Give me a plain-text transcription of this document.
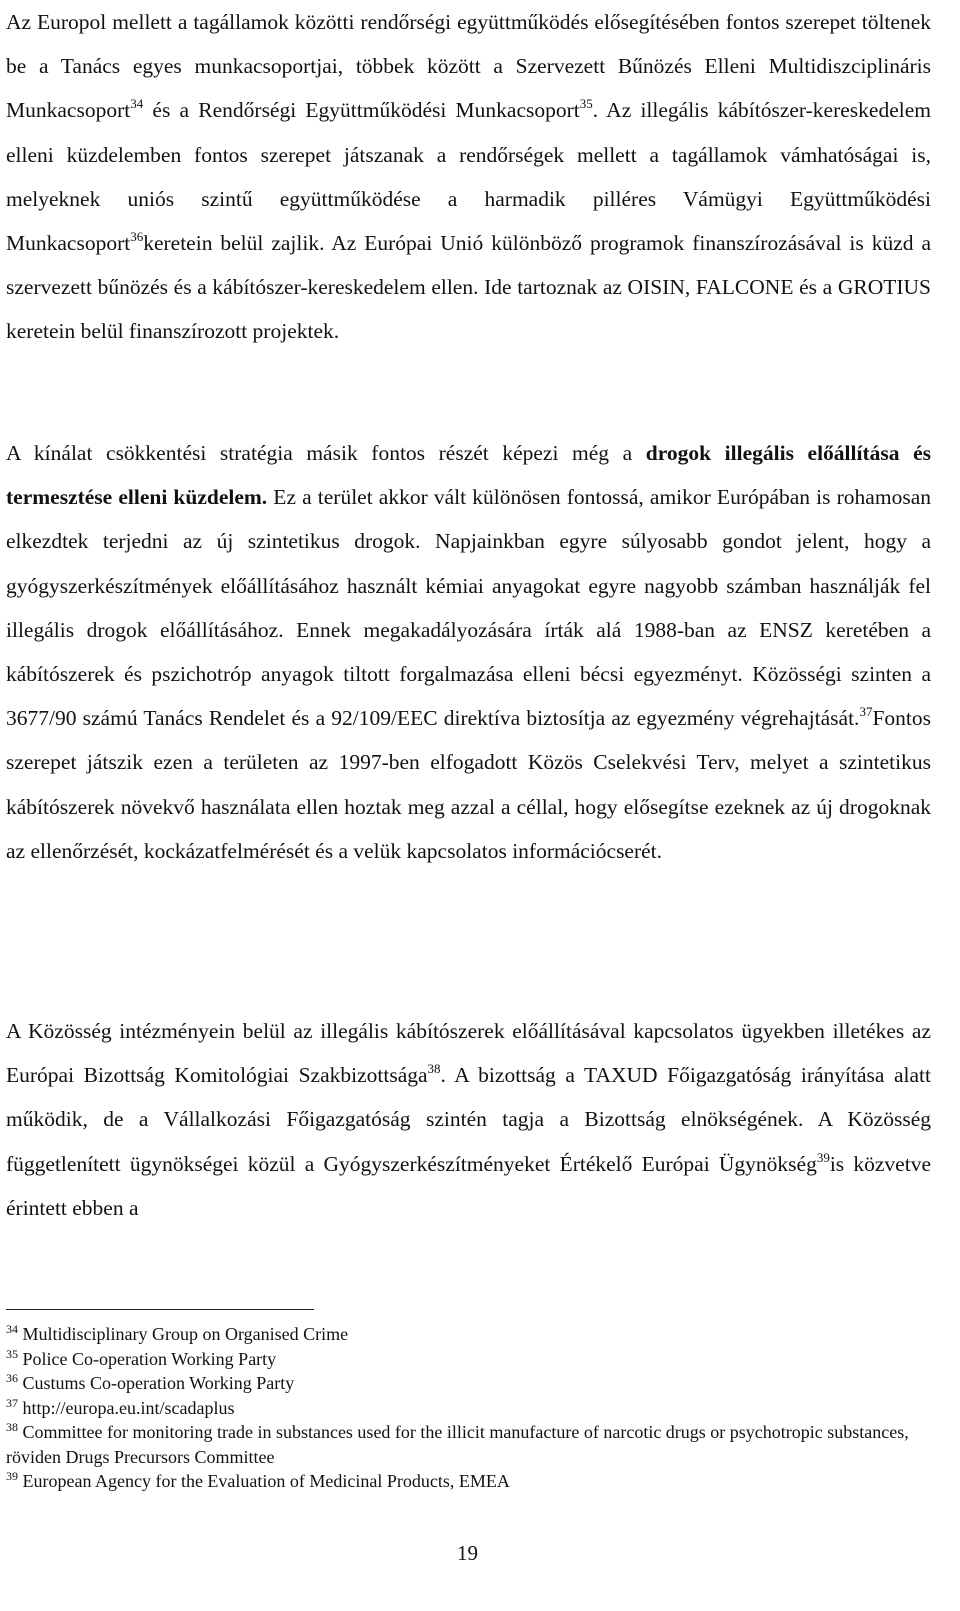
Az Europol mellett a tagállamok közötti rendőrségi együttműködés elősegítésében fontos szerepet töltenek be a Tanács egyes munkacsoportjai, többek között a Szervezett Bűnözés Elleni Multidiszciplináris Munkacsoport$^{34}$ és a Rendőrségi Együttműködési Munkacsoport$^{35}$. Az illegális kábítószer-kereskedelem elleni küzdelemben fontos szerepet játszanak a rendőrségek mellett a tagállamok vámhatóságai is, melyeknek uniós szintű együttműködése a harmadik pilléres Vámügyi Együttműködési Munkacsoport$^{36}$keretein belül zajlik. Az Európai Unió különböző programok finanszírozásával is küzd a szervezett bűnözés és a kábítószer-kereskedelem ellen. Ide tartoznak az OISIN, FALCONE és a GROTIUS keretein belül finanszírozott projektek.

A kínálat csökkentési stratégia másik fontos részét képezi még a drogok illegális előállítása és termesztése elleni küzdelem. Ez a terület akkor vált különösen fontossá, amikor Európában is rohamosan elkezdtek terjedni az új szintetikus drogok. Napjainkban egyre súlyosabb gondot jelent, hogy a gyógyszerkészítmények előállításához használt kémiai anyagokat egyre nagyobb számban használják fel illegális drogok előállításához. Ennek megakadályozására írták alá 1988-ban az ENSZ keretében a kábítószerek és pszichotróp anyagok tiltott forgalmazása elleni bécsi egyezményt. Közösségi szinten a 3677/90 számú Tanács Rendelet és a 92/109/EEC direktíva biztosítja az egyezmény végrehajtását.$^{37}$Fontos szerepet játszik ezen a területen az 1997-ben elfogadott Közös Cselekvési Terv, melyet a szintetikus kábítószerek növekvő használata ellen hoztak meg azzal a céllal, hogy elősegítse ezeknek az új drogoknak az ellenőrzését, kockázatfelmérését és a velük kapcsolatos információcserét.

A Közösség intézményein belül az illegális kábítószerek előállításával kapcsolatos ügyekben illetékes az Európai Bizottság Komitológiai Szakbizottsága$^{38}$. A bizottság a TAXUD Főigazgatóság irányítása alatt működik, de a Vállalkozási Főigazgatóság szintén tagja a Bizottság elnökségének. A Közösség függetlenített ügynökségei közül a Gyógyszerkészítményeket Értékelő Európai Ügynökség$^{39}$is közvetve érintett ebben a

$^{34}$ Multidisciplinary Group on Organised Crime
$^{35}$ Police Co-operation Working Party
$^{36}$ Custums Co-operation Working Party
$^{37}$ http://europa.eu.int/scadaplus
$^{38}$ Committee for monitoring trade in substances used for the illicit manufacture of narcotic drugs or psychotropic substances, röviden Drugs Precursors Committee
$^{39}$ European Agency for the Evaluation of Medicinal Products, EMEA
19
